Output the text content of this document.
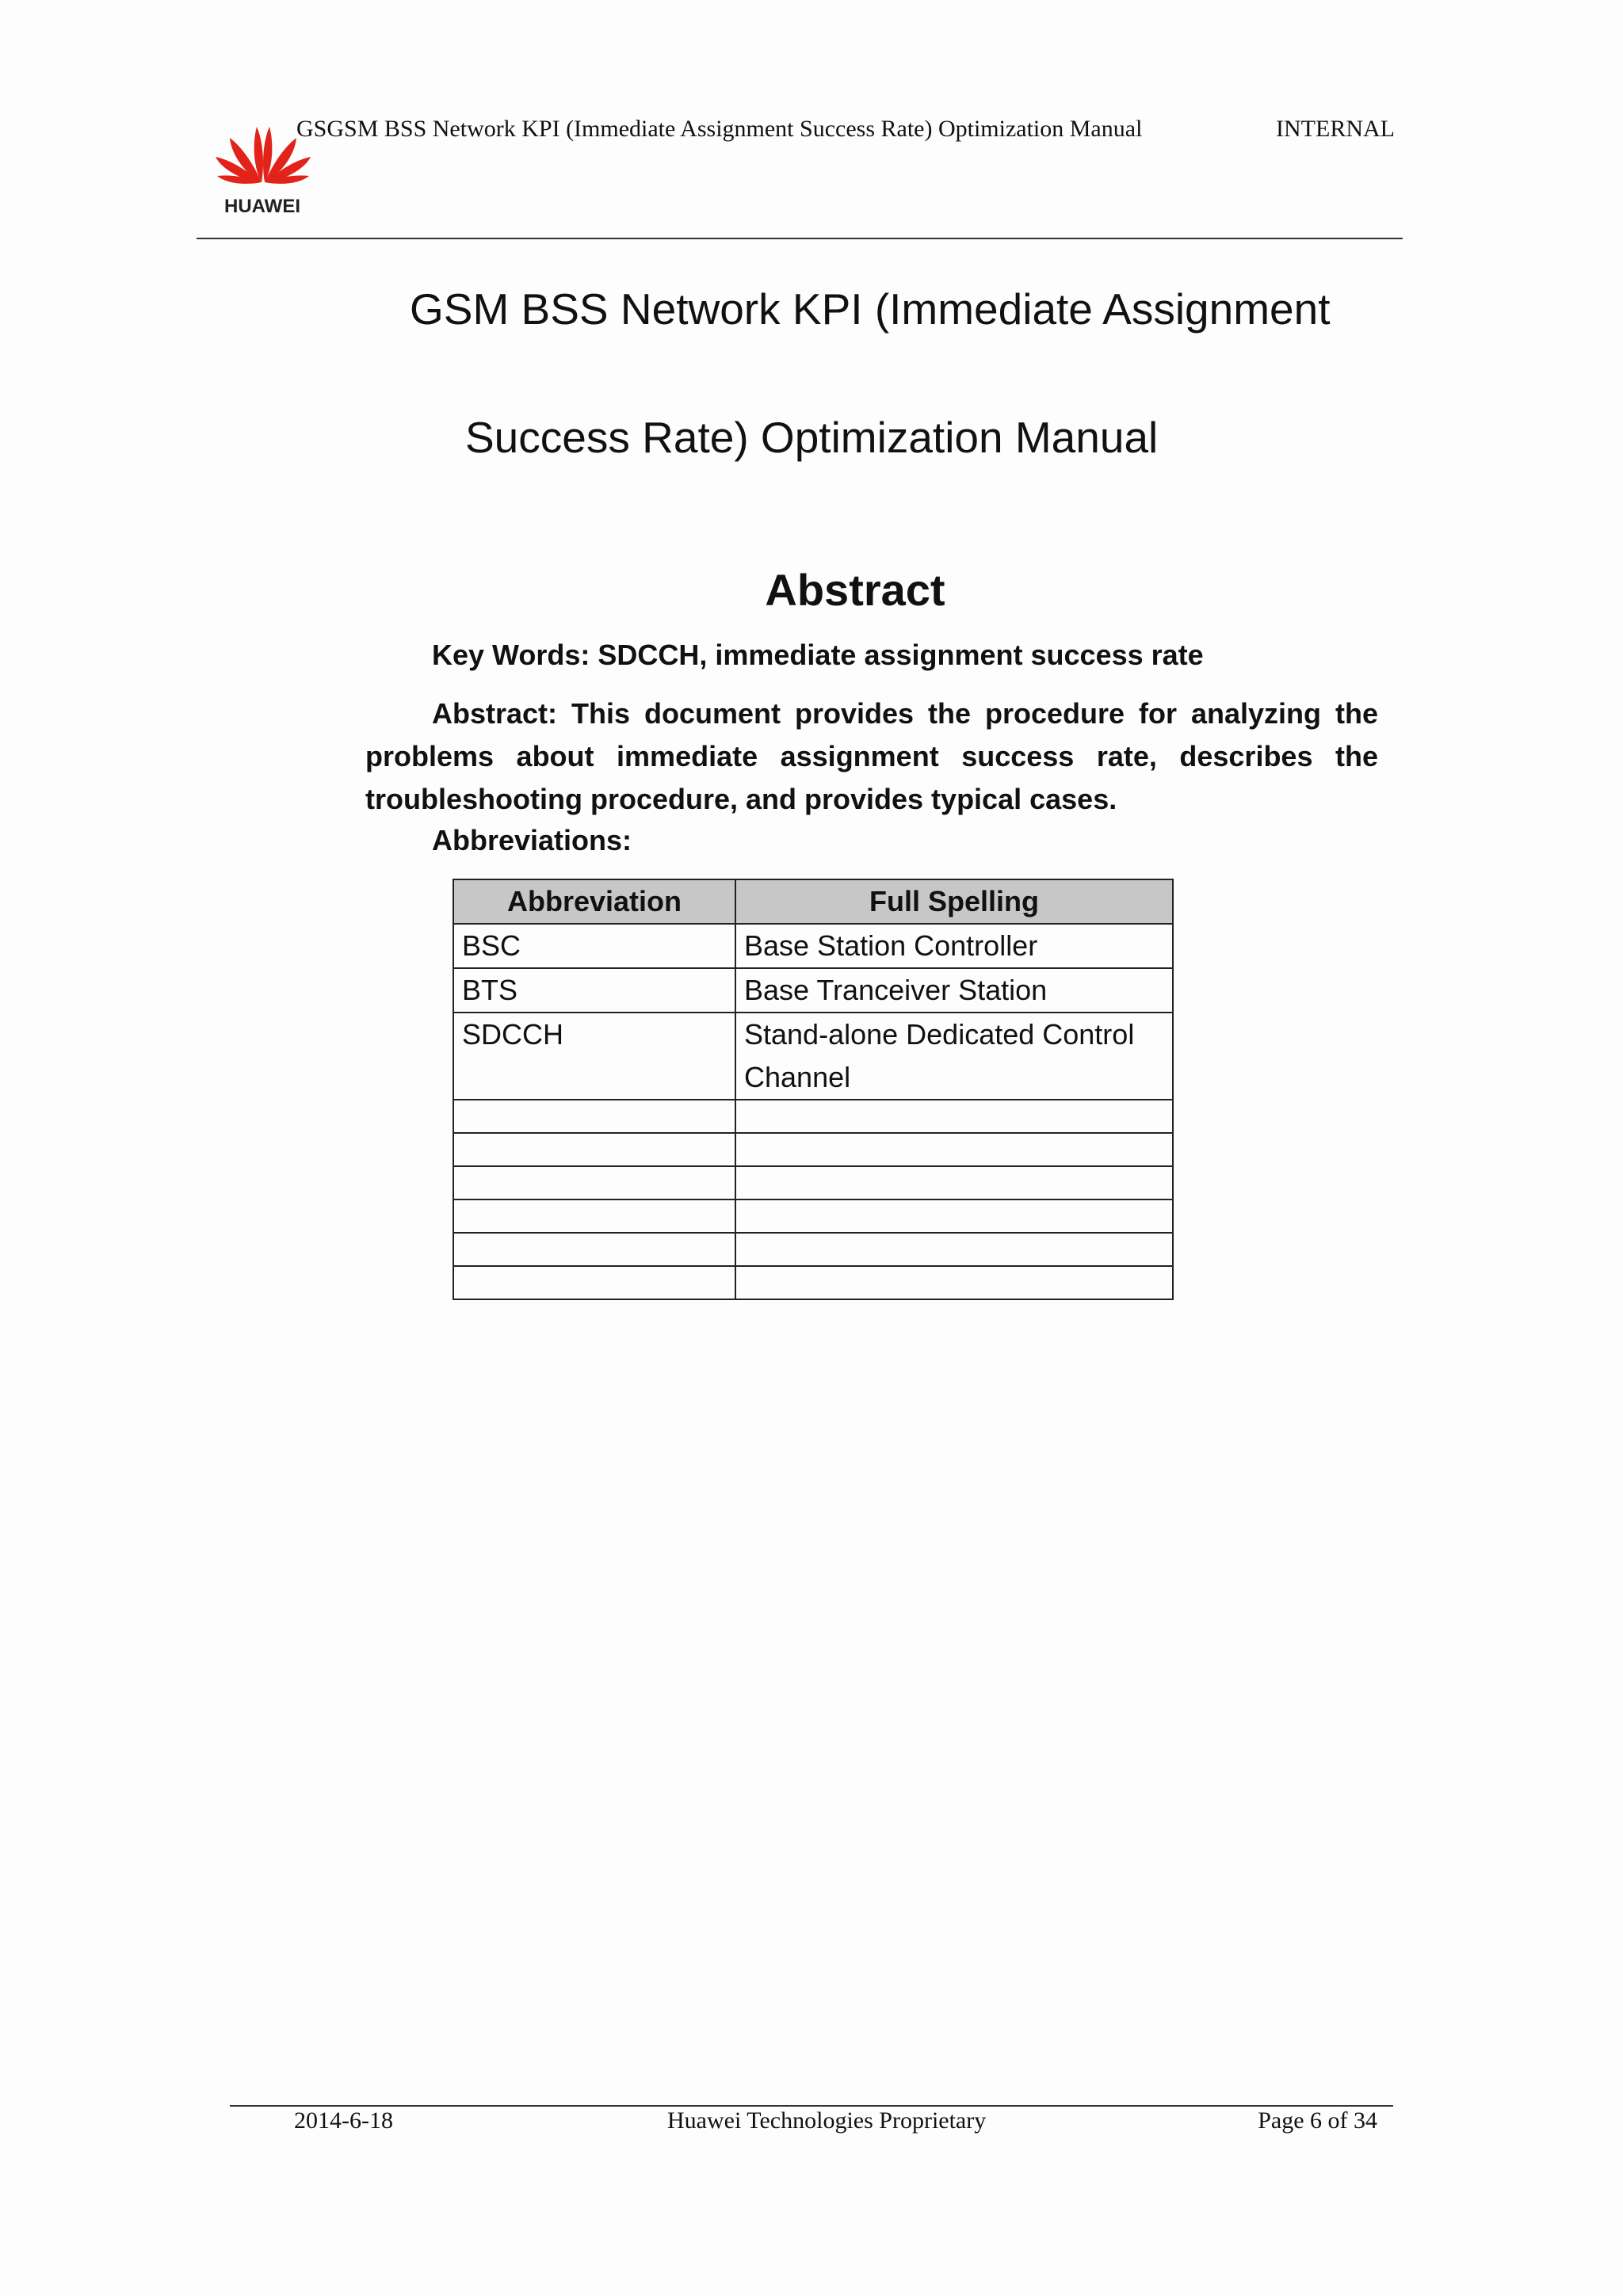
HUAWEI
GSGSM BSS Network KPI (Immediate Assignment Success Rate) Optimization Manual	INTERNAL
GSM BSS Network KPI (Immediate Assignment
Success Rate) Optimization Manual
Abstract
Key Words: SDCCH, immediate assignment success rate
Abstract: This document provides the procedure for analyzing the problems about immediate assignment success rate, describes the troubleshooting procedure, and provides typical cases.
Abbreviations:
Abbreviation	Full Spelling
BSC	Base Station Controller
BTS	Base Tranceiver Station
SDCCH	Stand-alone Dedicated Control Channel

2014-6-18	Huawei Technologies Proprietary	Page 6 of 34
